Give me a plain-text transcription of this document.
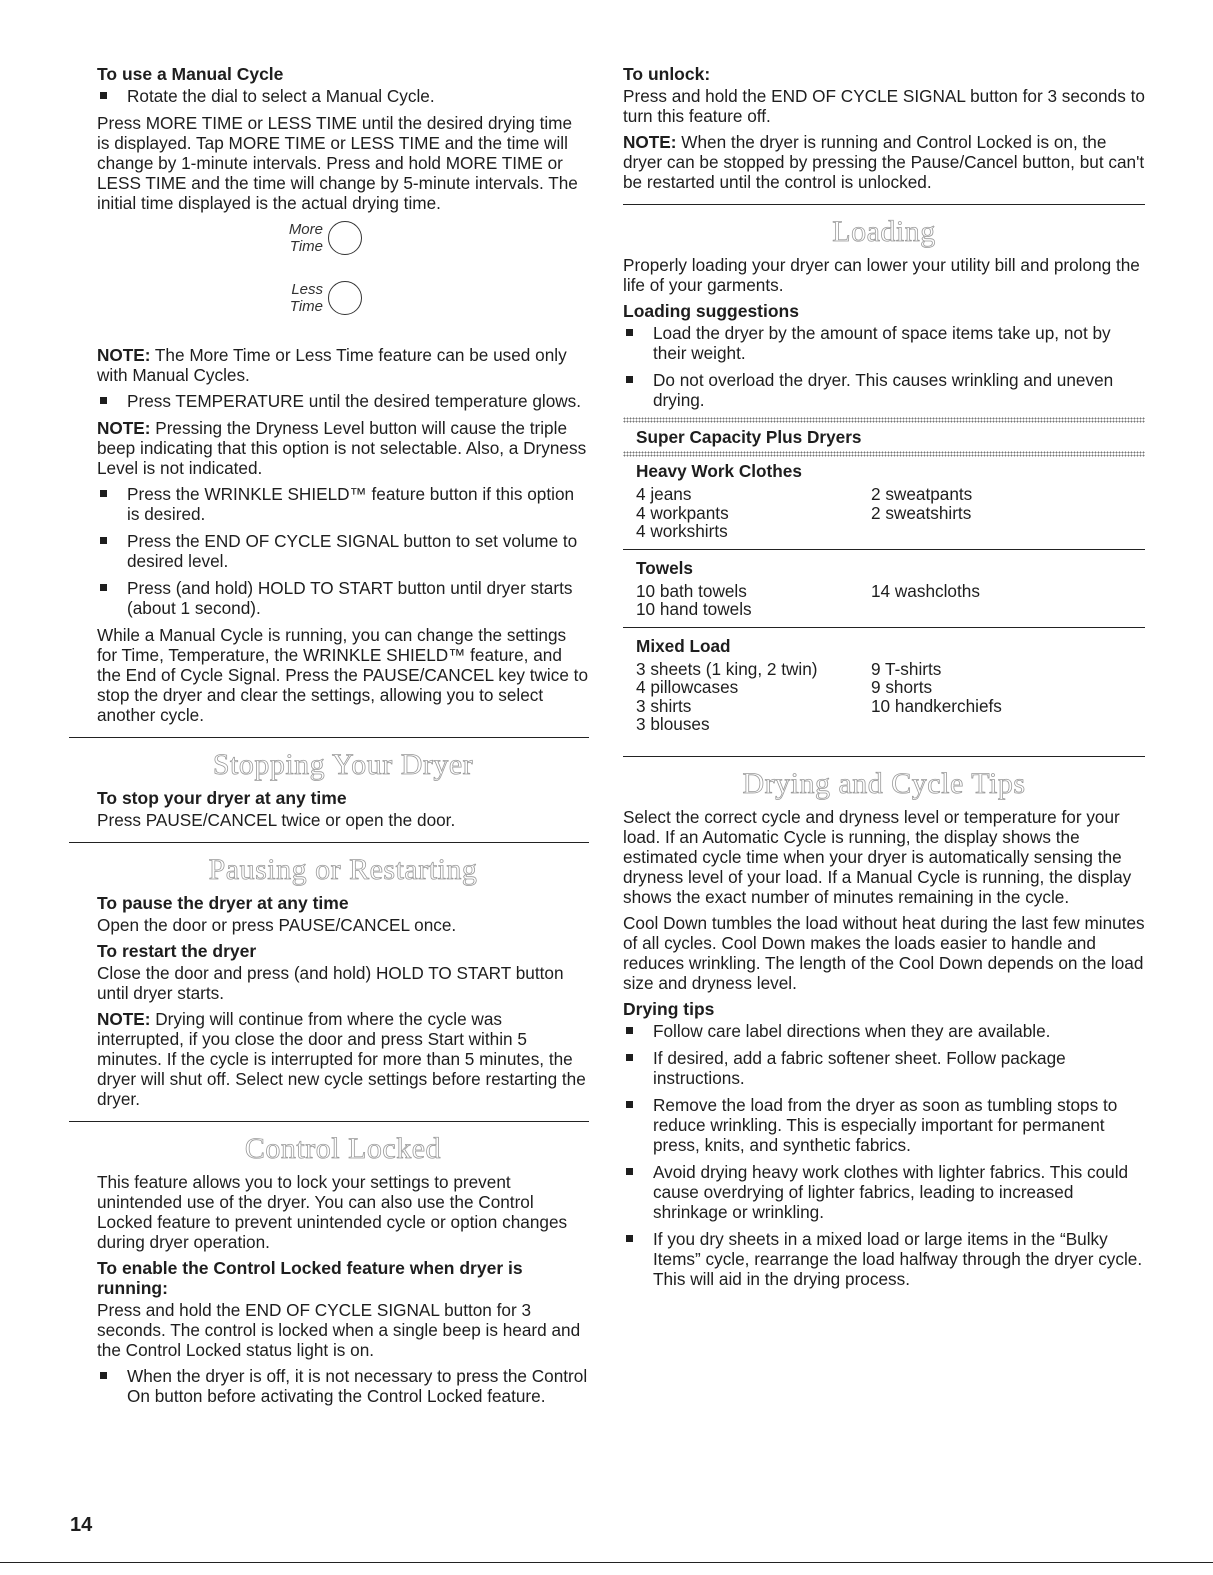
To use a Manual Cycle
Rotate the dial to select a Manual Cycle.

Press MORE TIME or LESS TIME until the desired drying time is displayed. Tap MORE TIME or LESS TIME and the time will change by 1-minute intervals. Press and hold MORE TIME or LESS TIME and the time will change by 5-minute intervals. The initial time displayed is the actual drying time.

More
Time
Less
Time

NOTE: The More Time or Less Time feature can be used only with Manual Cycles.

Press TEMPERATURE until the desired temperature glows.

NOTE: Pressing the Dryness Level button will cause the triple beep indicating that this option is not selectable. Also, a Dryness Level is not indicated.

Press the WRINKLE SHIELD™ feature button if this option is desired.
Press the END OF CYCLE SIGNAL button to set volume to desired level.
Press (and hold) HOLD TO START button until dryer starts (about 1 second).

While a Manual Cycle is running, you can change the settings for Time, Temperature, the WRINKLE SHIELD™ feature, and the End of Cycle Signal. Press the PAUSE/CANCEL key twice to stop the dryer and clear the settings, allowing you to select another cycle.

Stopping Your Dryer
To stop your dryer at any time

Press PAUSE/CANCEL twice or open the door.

Pausing or Restarting
To pause the dryer at any time

Open the door or press PAUSE/CANCEL once.

To restart the dryer

Close the door and press (and hold) HOLD TO START button until dryer starts.

NOTE: Drying will continue from where the cycle was interrupted, if you close the door and press Start within 5 minutes. If the cycle is interrupted for more than 5 minutes, the dryer will shut off. Select new cycle settings before restarting the dryer.

Control Locked

This feature allows you to lock your settings to prevent unintended use of the dryer. You can also use the Control Locked feature to prevent unintended cycle or option changes during dryer operation.

To enable the Control Locked feature when dryer is running:

Press and hold the END OF CYCLE SIGNAL button for 3 seconds. The control is locked when a single beep is heard and the Control Locked status light is on.

When the dryer is off, it is not necessary to press the Control On button before activating the Control Locked feature.
To unlock:

Press and hold the END OF CYCLE SIGNAL button for 3 seconds to turn this feature off.

NOTE: When the dryer is running and Control Locked is on, the dryer can be stopped by pressing the Pause/Cancel button, but can't be restarted until the control is unlocked.

Loading

Properly loading your dryer can lower your utility bill and prolong the life of your garments.

Loading suggestions
Load the dryer by the amount of space items take up, not by their weight.
Do not overload the dryer. This causes wrinkling and uneven drying.
Super Capacity Plus Dryers
Heavy Work Clothes
4 jeans
4 workpants
4 workshirts
2 sweatpants
2 sweatshirts
Towels
10 bath towels
10 hand towels
14 washcloths
Mixed Load
3 sheets (1 king, 2 twin)
4 pillowcases
3 shirts
3 blouses
9 T-shirts
9 shorts
10 handkerchiefs
Drying and Cycle Tips

Select the correct cycle and dryness level or temperature for your load. If an Automatic Cycle is running, the display shows the estimated cycle time when your dryer is automatically sensing the dryness level of your load. If a Manual Cycle is running, the display shows the exact number of minutes remaining in the cycle.

Cool Down tumbles the load without heat during the last few minutes of all cycles. Cool Down makes the loads easier to handle and reduces wrinkling. The length of the Cool Down depends on the load size and dryness level.

Drying tips
Follow care label directions when they are available.
If desired, add a fabric softener sheet. Follow package instructions.
Remove the load from the dryer as soon as tumbling stops to reduce wrinkling. This is especially important for permanent press, knits, and synthetic fabrics.
Avoid drying heavy work clothes with lighter fabrics. This could cause overdrying of lighter fabrics, leading to increased shrinkage or wrinkling.
If you dry sheets in a mixed load or large items in the “Bulky Items” cycle, rearrange the load halfway through the dryer cycle. This will aid in the drying process.
14
